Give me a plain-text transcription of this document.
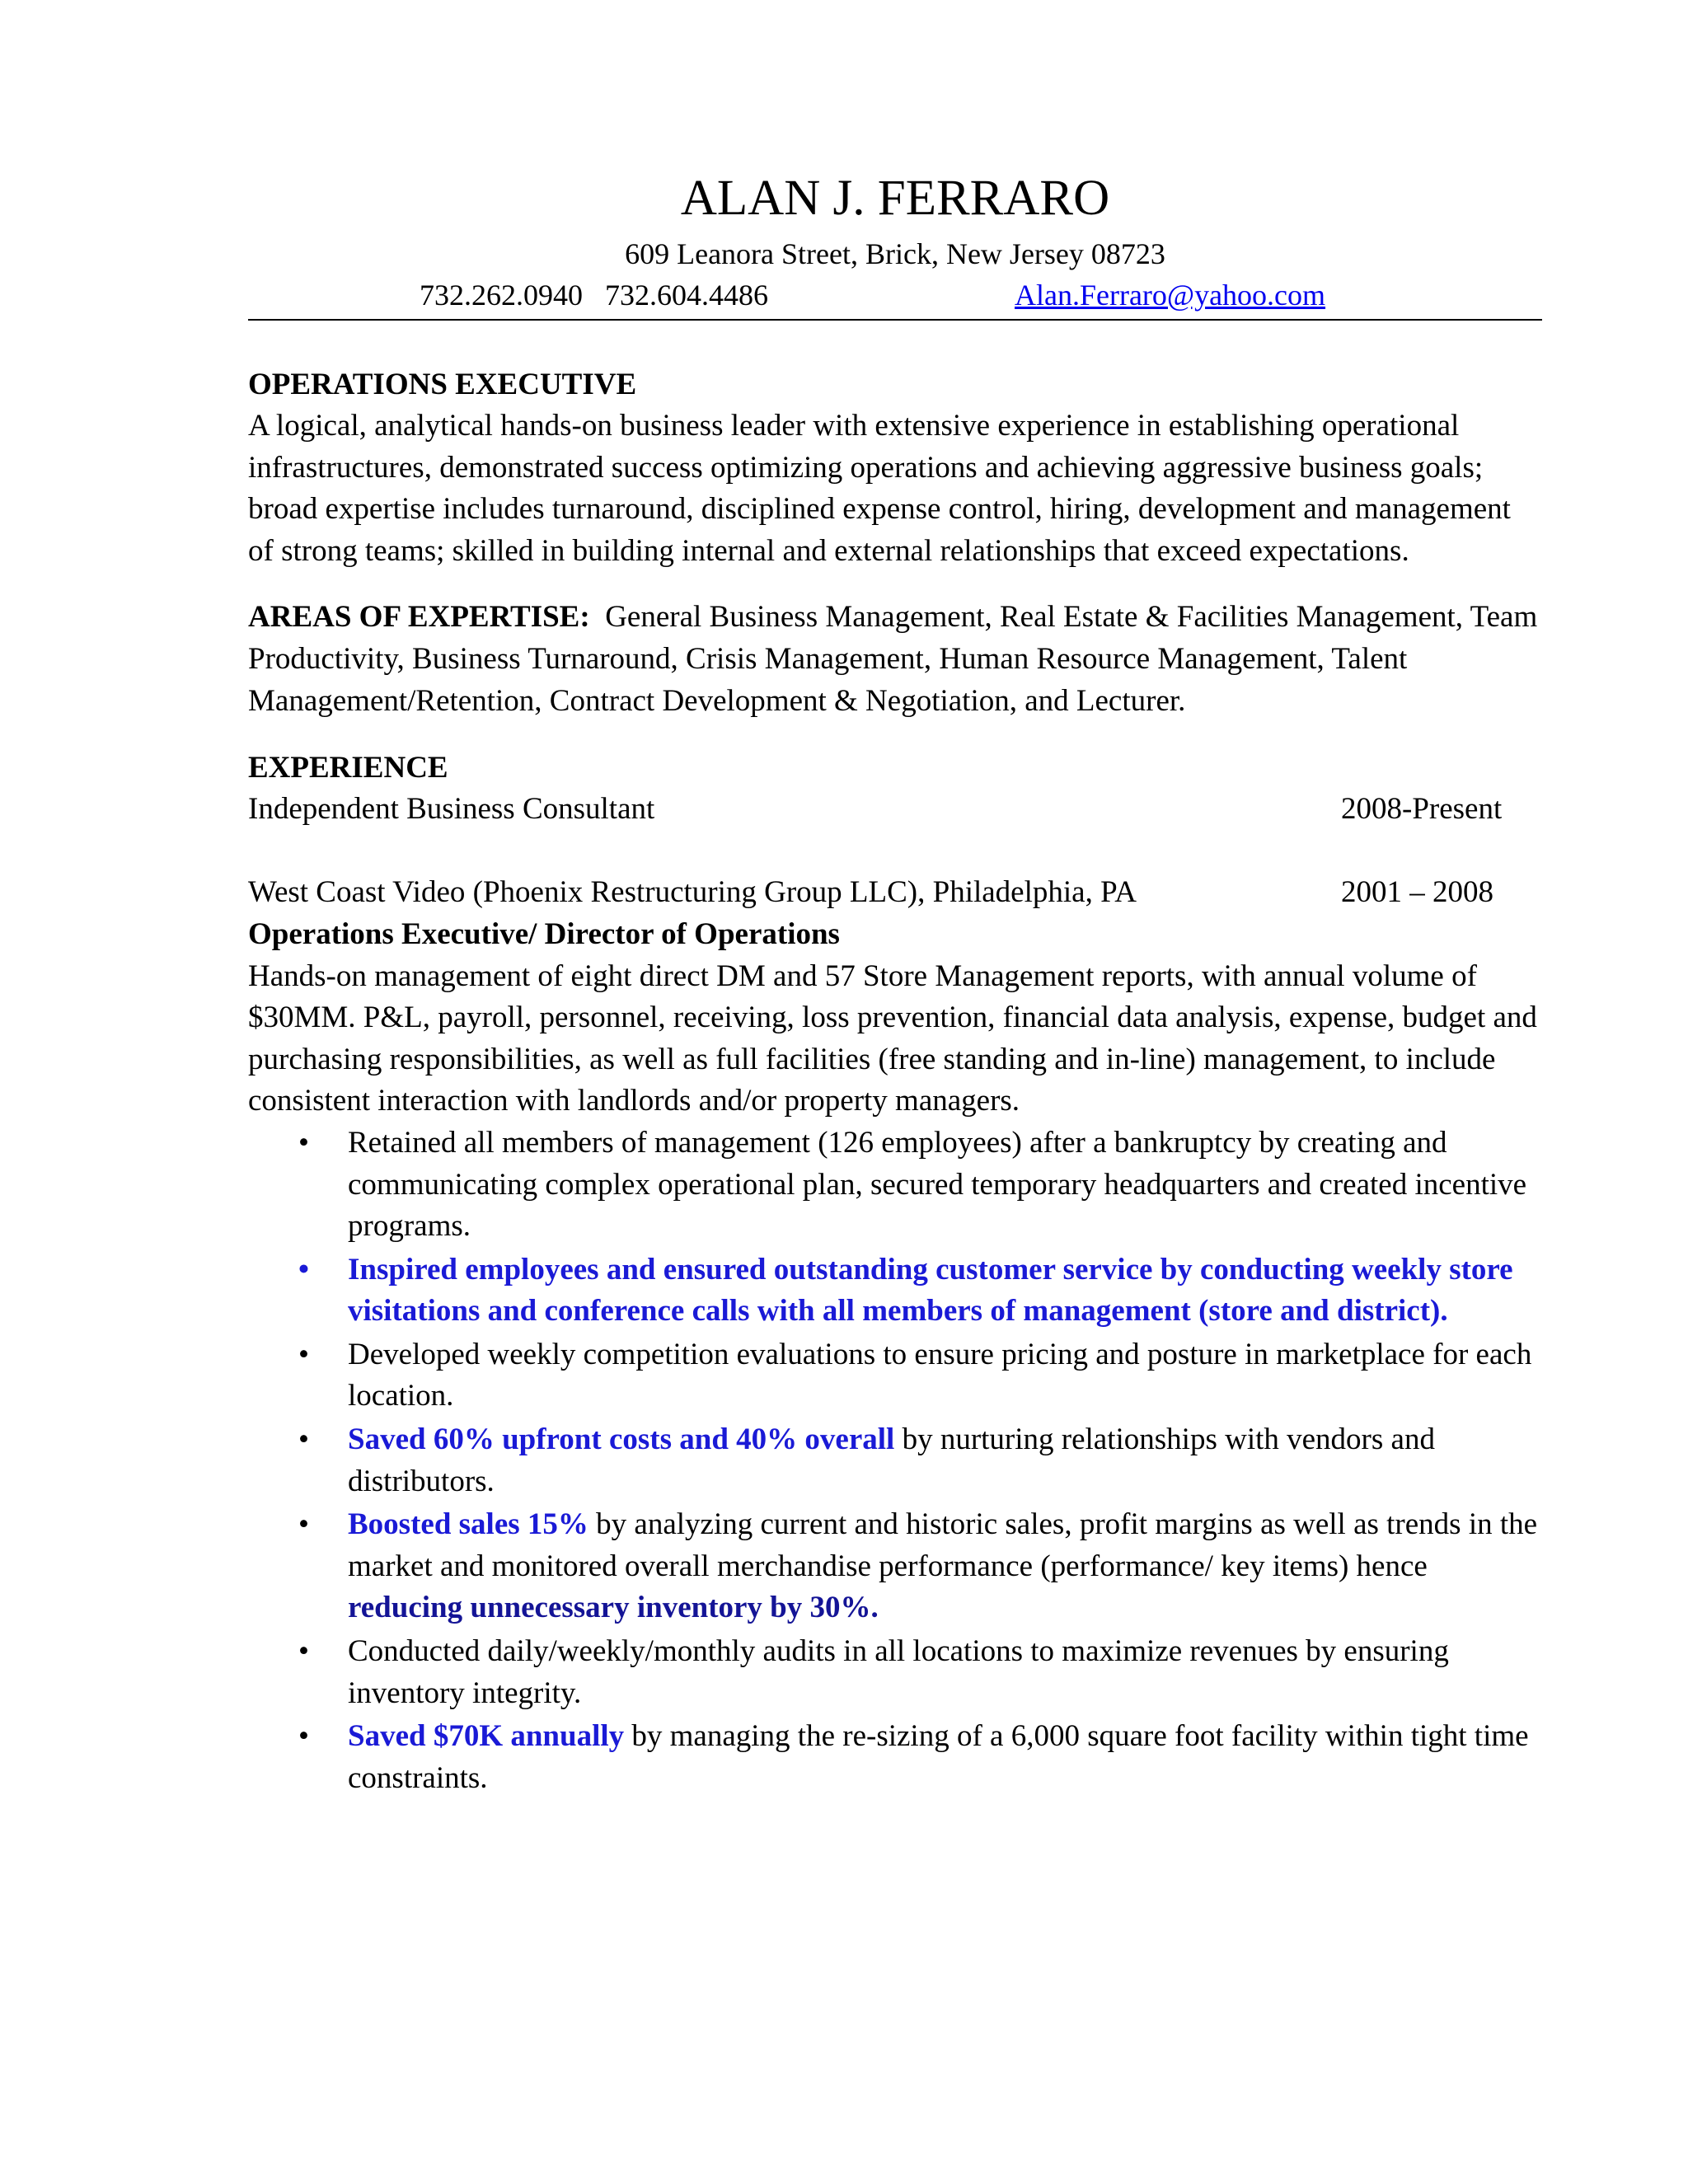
ALAN J. FERRARO
609 Leanora Street, Brick, New Jersey 08723
732.262.0940   732.604.4486	Alan.Ferraro@yahoo.com
OPERATIONS EXECUTIVE

A logical, analytical hands-on business leader with extensive experience in establishing operational infrastructures, demonstrated success optimizing operations and achieving aggressive business goals; broad expertise includes turnaround, disciplined expense control, hiring, development and management of strong teams; skilled in building internal and external relationships that exceed expectations.

AREAS OF EXPERTISE: General Business Management, Real Estate & Facilities Management, Team Productivity, Business Turnaround, Crisis Management, Human Resource Management, Talent Management/Retention, Contract Development & Negotiation, and Lecturer.

EXPERIENCE
Independent Business Consultant	2008-Present
West Coast Video (Phoenix Restructuring Group LLC), Philadelphia, PA	2001 – 2008
Operations Executive/ Director of Operations

Hands-on management of eight direct DM and 57 Store Management reports, with annual volume of $30MM. P&L, payroll, personnel, receiving, loss prevention, financial data analysis, expense, budget and purchasing responsibilities, as well as full facilities (free standing and in-line) management, to include consistent interaction with landlords and/or property managers.

• Retained all members of management (126 employees) after a bankruptcy by creating and communicating complex operational plan, secured temporary headquarters and created incentive programs.
• Inspired employees and ensured outstanding customer service by conducting weekly store visitations and conference calls with all members of management (store and district).
• Developed weekly competition evaluations to ensure pricing and posture in marketplace for each location.
• Saved 60% upfront costs and 40% overall by nurturing relationships with vendors and distributors.
• Boosted sales 15% by analyzing current and historic sales, profit margins as well as trends in the market and monitored overall merchandise performance (performance/ key items) hence reducing unnecessary inventory by 30%.
• Conducted daily/weekly/monthly audits in all locations to maximize revenues by ensuring inventory integrity.
• Saved $70K annually by managing the re-sizing of a 6,000 square foot facility within tight time constraints.
